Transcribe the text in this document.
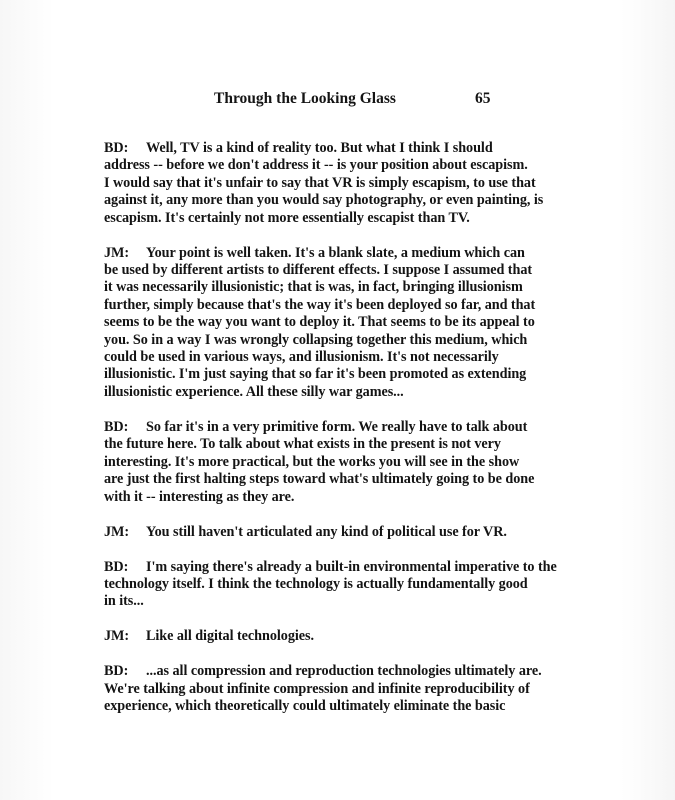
Through the Looking Glass	65
BD: Well, TV is a kind of reality too. But what I think I should
address -- before we don't address it -- is your position about escapism.
I would say that it's unfair to say that VR is simply escapism, to use that
against it, any more than you would say photography, or even painting, is
escapism. It's certainly not more essentially escapist than TV.
JM: Your point is well taken. It's a blank slate, a medium which can
be used by different artists to different effects. I suppose I assumed that
it was necessarily illusionistic; that is was, in fact, bringing illusionism
further, simply because that's the way it's been deployed so far, and that
seems to be the way you want to deploy it. That seems to be its appeal to
you. So in a way I was wrongly collapsing together this medium, which
could be used in various ways, and illusionism. It's not necessarily
illusionistic. I'm just saying that so far it's been promoted as extending
illusionistic experience. All these silly war games...
BD: So far it's in a very primitive form. We really have to talk about
the future here. To talk about what exists in the present is not very
interesting. It's more practical, but the works you will see in the show
are just the first halting steps toward what's ultimately going to be done
with it -- interesting as they are.
JM: You still haven't articulated any kind of political use for VR.
BD: I'm saying there's already a built-in environmental imperative to the
technology itself. I think the technology is actually fundamentally good
in its...
JM: Like all digital technologies.
BD: ...as all compression and reproduction technologies ultimately are.
We're talking about infinite compression and infinite reproducibility of
experience, which theoretically could ultimately eliminate the basic
